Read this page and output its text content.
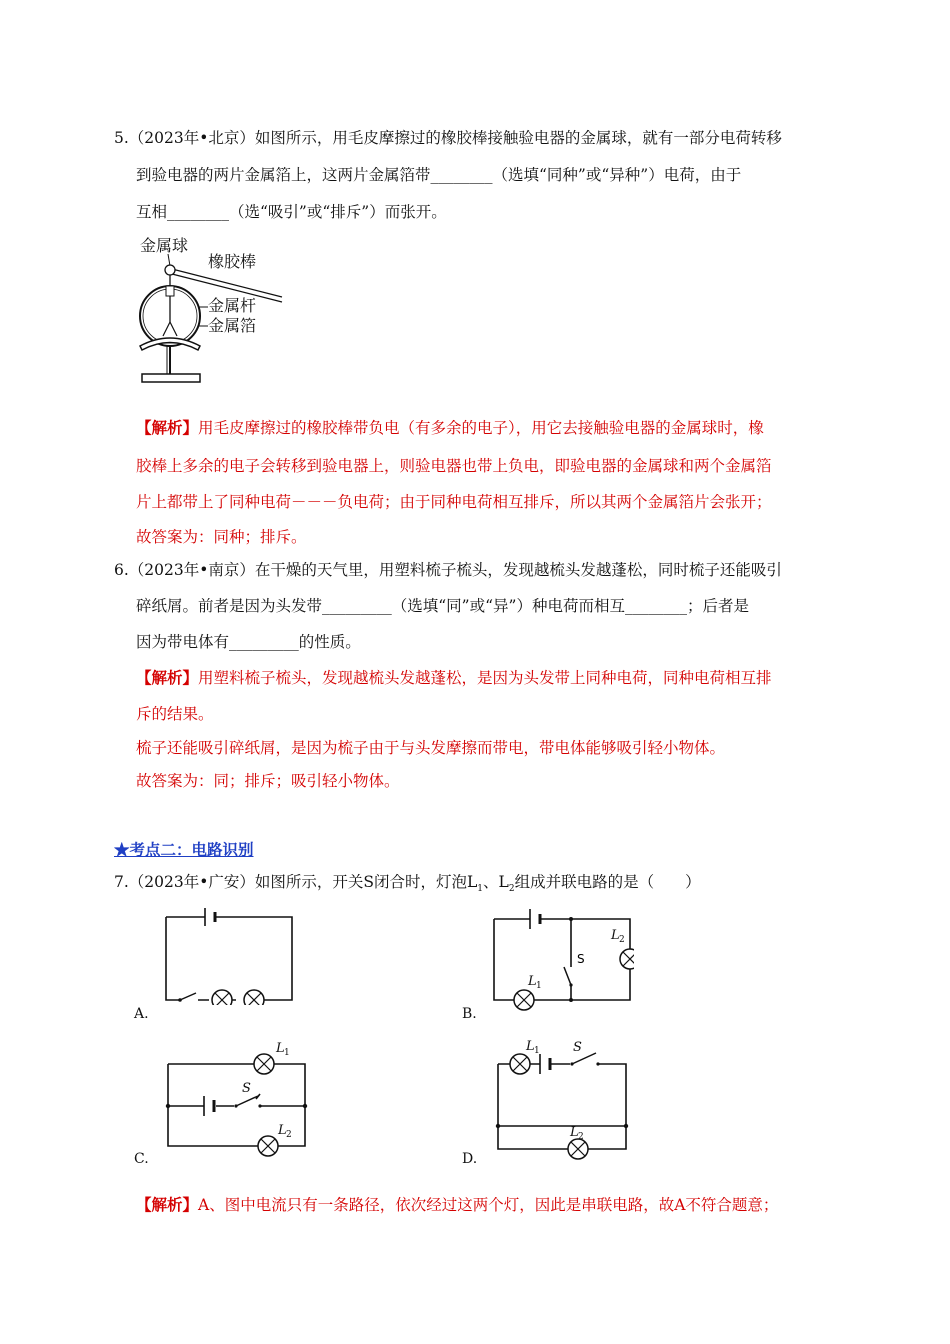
5.（2023年•北京）如图所示，用毛皮摩擦过的橡胶棒接触验电器的金属球，就有一部分电荷转移
到验电器的两片金属箔上，这两片金属箔带________（选填“同种”或“异种”）电荷，由于
互相________（选“吸引”或“排斥”）而张开。
金属球
橡胶棒
金属杆
金属箔
【解析】用毛皮摩擦过的橡胶棒带负电（有多余的电子），用它去接触验电器的金属球时，橡
胶棒上多余的电子会转移到验电器上，则验电器也带上负电，即验电器的金属球和两个金属箔
片上都带上了同种电荷－－－负电荷；由于同种电荷相互排斥，所以其两个金属箔片会张开；
故答案为：同种；排斥。
6.（2023年•南京）在干燥的天气里，用塑料梳子梳头，发现越梳头发越蓬松，同时梳子还能吸引
碎纸屑。前者是因为头发带_________（选填“同”或“异”）种电荷而相互________；后者是
因为带电体有_________的性质。
【解析】用塑料梳子梳头，发现越梳头发越蓬松，是因为头发带上同种电荷，同种电荷相互排
斥的结果。
梳子还能吸引碎纸屑，是因为梳子由于与头发摩擦而带电，带电体能够吸引轻小物体。
故答案为：同；排斥；吸引轻小物体。
★考点二：电路识别
7.（2023年•广安）如图所示，开关S闭合时，灯泡$L_1$、$L_2$组成并联电路的是（　　）
A.
S
L 2
L 1
B.
S
L 1
L 2
C.
S
L 1
L 2
D.
【解析】A、图中电流只有一条路径，依次经过这两个灯，因此是串联电路，故A不符合题意；
